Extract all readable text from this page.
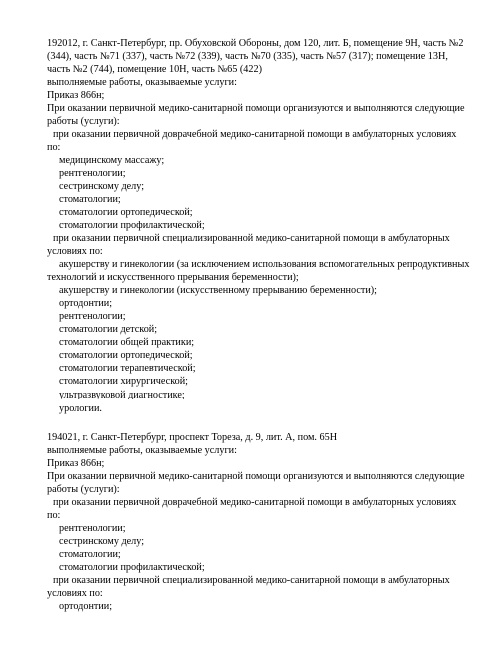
192012, г. Санкт-Петербург, пр. Обуховской Обороны, дом 120, лит. Б, помещение 9Н, часть №2
(344), часть №71 (337), часть №72 (339), часть №70 (335), часть №57 (317); помещение 13Н,
часть №2 (744), помещение 10Н, часть №65 (422)
выполняемые работы, оказываемые услуги:
Приказ 866н;
При оказании первичной медико-санитарной помощи организуются и выполняются следующие
работы (услуги):
при оказании первичной доврачебной медико-санитарной помощи в амбулаторных условиях
по:
медицинскому массажу;
рентгенологии;
сестринскому делу;
стоматологии;
стоматологии ортопедической;
стоматологии профилактической;
при оказании первичной специализированной медико-санитарной помощи в амбулаторных
условиях по:
акушерству и гинекологии (за исключением использования вспомогательных репродуктивных
технологий и искусственного прерывания беременности);
акушерству и гинекологии (искусственному прерыванию беременности);
ортодонтии;
рентгенологии;
стоматологии детской;
стоматологии общей практики;
стоматологии ортопедической;
стоматологии терапевтической;
стоматологии хирургической;
ультразвуковой диагностике;
урологии.
194021, г. Санкт-Петербург, проспект Тореза, д. 9, лит. А, пом. 65Н
выполняемые работы, оказываемые услуги:
Приказ 866н;
При оказании первичной медико-санитарной помощи организуются и выполняются следующие
работы (услуги):
при оказании первичной доврачебной медико-санитарной помощи в амбулаторных условиях
по:
рентгенологии;
сестринскому делу;
стоматологии;
стоматологии профилактической;
при оказании первичной специализированной медико-санитарной помощи в амбулаторных
условиях по:
ортодонтии;
